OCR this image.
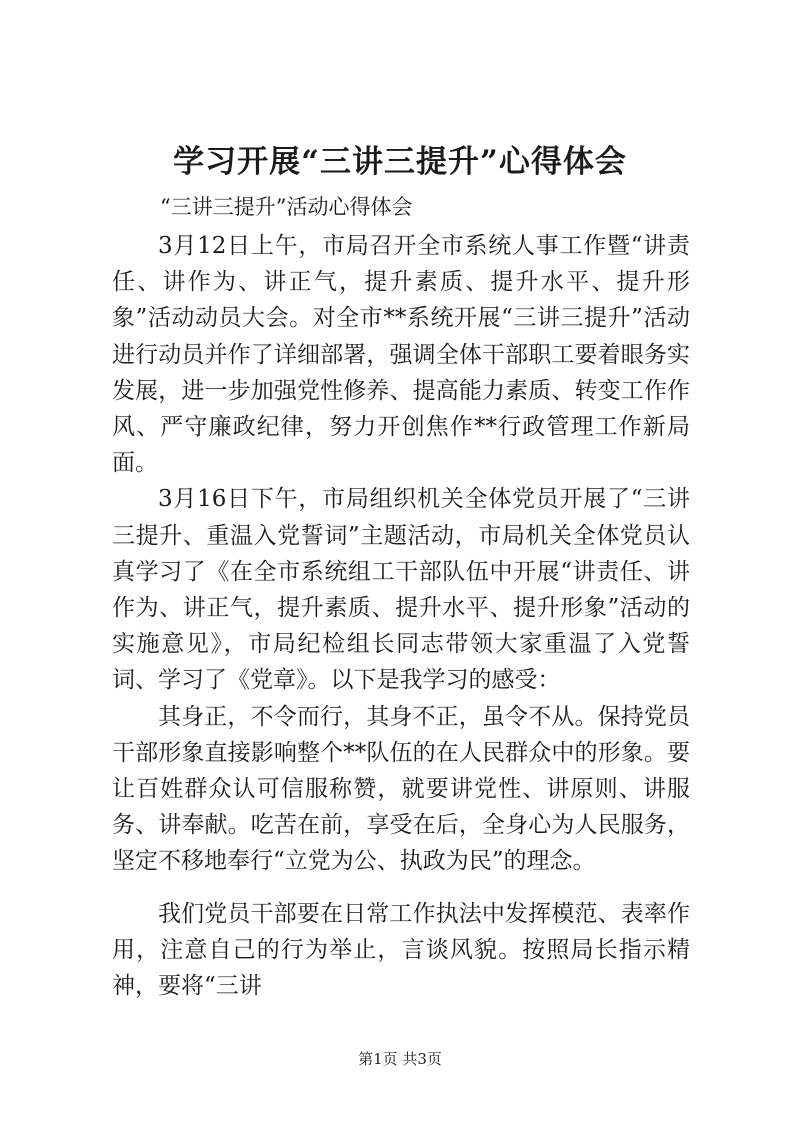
学习开展“三讲三提升”心得体会
“三讲三提升”活动心得体会

3月12日上午，市局召开全市系统人事工作暨“讲责任、讲作为、讲正气，提升素质、提升水平、提升形象”活动动员大会。对全市**系统开展“三讲三提升”活动进行动员并作了详细部署，强调全体干部职工要着眼务实发展，进一步加强党性修养、提高能力素质、转变工作作风、严守廉政纪律，努力开创焦作**行政管理工作新局面。

3月16日下午，市局组织机关全体党员开展了“三讲三提升、重温入党誓词”主题活动，市局机关全体党员认真学习了《在全市系统组工干部队伍中开展“讲责任、讲作为、讲正气，提升素质、提升水平、提升形象”活动的实施意见》，市局纪检组长同志带领大家重温了入党誓词、学习了《党章》。以下是我学习的感受：

其身正，不令而行，其身不正，虽令不从。保持党员干部形象直接影响整个**队伍的在人民群众中的形象。要让百姓群众认可信服称赞，就要讲党性、讲原则、讲服务、讲奉献。吃苦在前，享受在后，全身心为人民服务，坚定不移地奉行“立党为公、执政为民”的理念。

我们党员干部要在日常工作执法中发挥模范、表率作用，注意自己的行为举止，言谈风貌。按照局长指示精神，要将“三讲

第1页 共3页
